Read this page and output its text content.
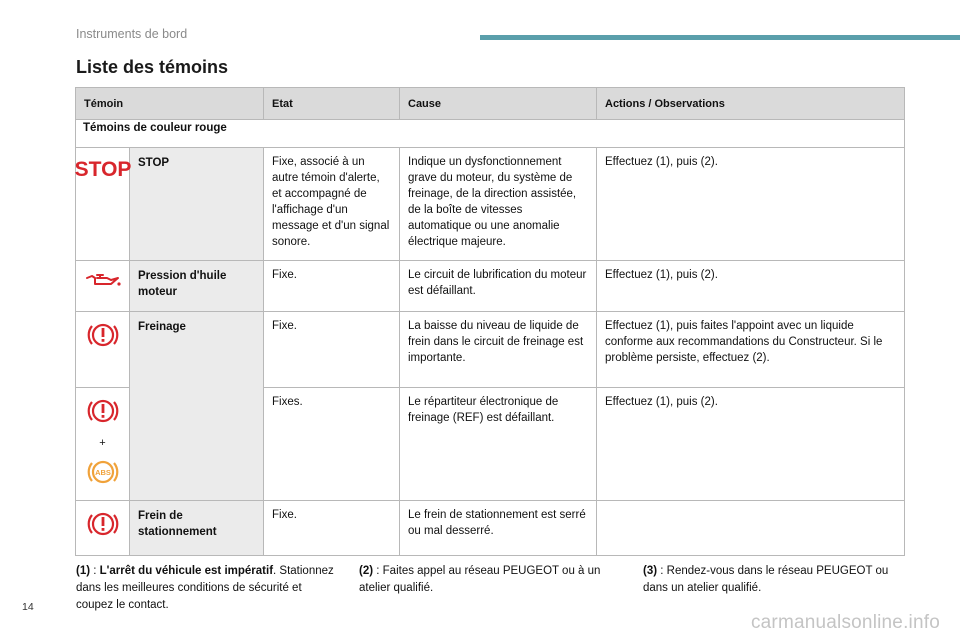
Instruments de bord
Liste des témoins
Témoin		Etat	Cause	Actions / Observations
Témoins de couleur rouge				

STOP	STOP	Fixe, associé à un autre témoin d'alerte, et accompagné de l'affichage d'un message et d'un signal sonore.	Indique un dysfonctionnement grave du moteur, du système de freinage, de la direction assistée, de la boîte de vitesses automatique ou une anomalie électrique majeure.	Effectuez (1), puis (2).
	Pression d'huile moteur	Fixe.	Le circuit de lubrification du moteur est défaillant.	Effectuez (1), puis (2).
	Freinage	Fixe.	La baisse du niveau de liquide de frein dans le circuit de freinage est importante.	Effectuez (1), puis faites l'appoint avec un liquide conforme aux recommandations du Constructeur. Si le problème persiste, effectuez (2).

+
ABS		Fixes.	Le répartiteur électronique de freinage (REF) est défaillant.	Effectuez (1), puis (2).
	Frein de stationnement	Fixe.	Le frein de stationnement est serré ou mal desserré.	
(1) : L'arrêt du véhicule est impératif. Stationnez dans les meilleures conditions de sécurité et coupez le contact.
(2) : Faites appel au réseau PEUGEOT ou à un atelier qualifié.
(3) : Rendez-vous dans le réseau PEUGEOT ou dans un atelier qualifié.
14
carmanualsonline.info
